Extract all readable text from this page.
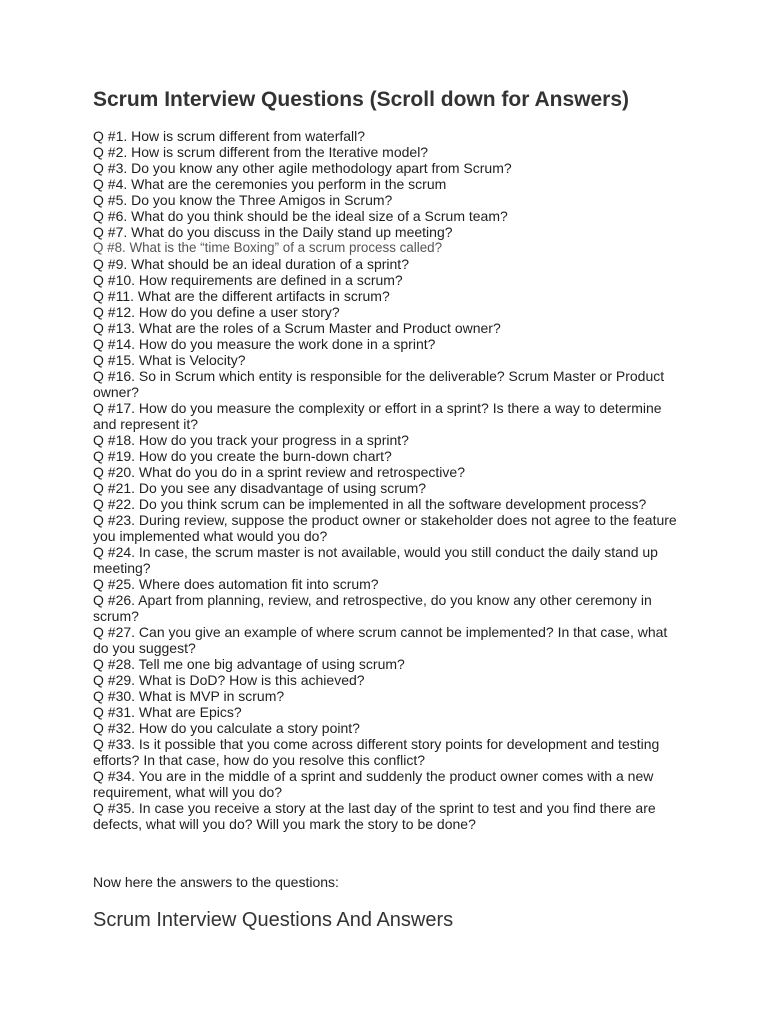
Scrum Interview Questions (Scroll down for Answers)
Q #1. How is scrum different from waterfall?
Q #2. How is scrum different from the Iterative model?
Q #3. Do you know any other agile methodology apart from Scrum?
Q #4. What are the ceremonies you perform in the scrum
Q #5. Do you know the Three Amigos in Scrum?
Q #6. What do you think should be the ideal size of a Scrum team?
Q #7. What do you discuss in the Daily stand up meeting?
Q #8. What is the “time Boxing” of a scrum process called?
Q #9. What should be an ideal duration of a sprint?
Q #10. How requirements are defined in a scrum?
Q #11. What are the different artifacts in scrum?
Q #12. How do you define a user story?
Q #13. What are the roles of a Scrum Master and Product owner?
Q #14. How do you measure the work done in a sprint?
Q #15. What is Velocity?
Q #16. So in Scrum which entity is responsible for the deliverable? Scrum Master or Product owner?
Q #17. How do you measure the complexity or effort in a sprint? Is there a way to determine and represent it?
Q #18. How do you track your progress in a sprint?
Q #19. How do you create the burn-down chart?
Q #20. What do you do in a sprint review and retrospective?
Q #21. Do you see any disadvantage of using scrum?
Q #22. Do you think scrum can be implemented in all the software development process?
Q #23. During review, suppose the product owner or stakeholder does not agree to the feature you implemented what would you do?
Q #24. In case, the scrum master is not available, would you still conduct the daily stand up meeting?
Q #25. Where does automation fit into scrum?
Q #26. Apart from planning, review, and retrospective, do you know any other ceremony in scrum?
Q #27. Can you give an example of where scrum cannot be implemented? In that case, what do you suggest?
Q #28. Tell me one big advantage of using scrum?
Q #29. What is DoD? How is this achieved?
Q #30. What is MVP in scrum?
Q #31. What are Epics?
Q #32. How do you calculate a story point?
Q #33. Is it possible that you come across different story points for development and testing efforts? In that case, how do you resolve this conflict?
Q #34. You are in the middle of a sprint and suddenly the product owner comes with a new requirement, what will you do?
Q #35. In case you receive a story at the last day of the sprint to test and you find there are defects, what will you do? Will you mark the story to be done?

Now here the answers to the questions:

Scrum Interview Questions And Answers
